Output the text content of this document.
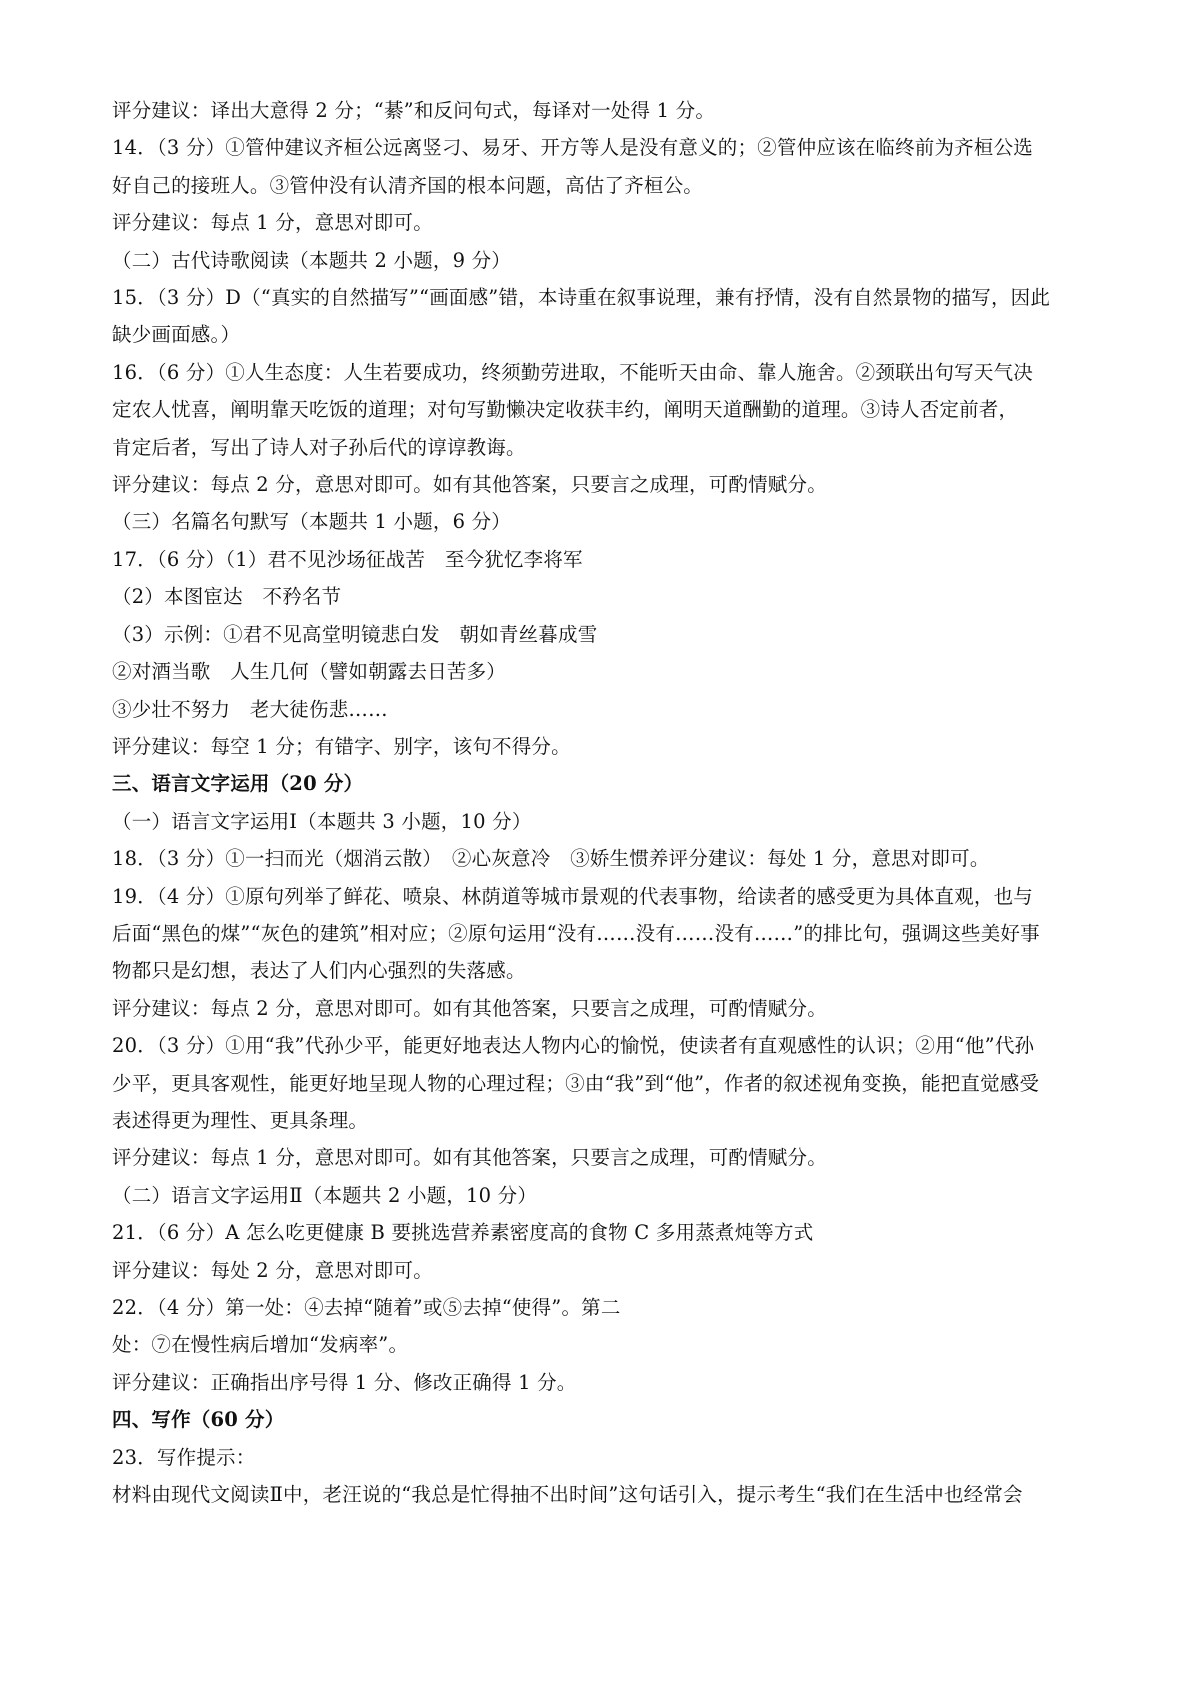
评分建议：译出大意得 2 分；“綦”和反问句式，每译对一处得 1 分。
14．（3 分）①管仲建议齐桓公远离竖刁、易牙、开方等人是没有意义的；②管仲应该在临终前为齐桓公选
好自己的接班人。③管仲没有认清齐国的根本问题，高估了齐桓公。
评分建议：每点 1 分，意思对即可。
（二）古代诗歌阅读（本题共 2 小题，9 分）
15．（3 分）D（“真实的自然描写”“画面感”错，本诗重在叙事说理，兼有抒情，没有自然景物的描写，因此
缺少画面感。）
16．（6 分）①人生态度：人生若要成功，终须勤劳进取，不能听天由命、靠人施舍。②颈联出句写天气决
定农人忧喜，阐明靠天吃饭的道理；对句写勤懒决定收获丰约，阐明天道酬勤的道理。③诗人否定前者，
肯定后者，写出了诗人对子孙后代的谆谆教诲。
评分建议：每点 2 分，意思对即可。如有其他答案，只要言之成理，可酌情赋分。
（三）名篇名句默写（本题共 1 小题，6 分）
17．（6 分）（1）君不见沙场征战苦　至今犹忆李将军
（2）本图宦达　不矜名节
（3）示例：①君不见高堂明镜悲白发　朝如青丝暮成雪
②对酒当歌　人生几何（譬如朝露去日苦多）
③少壮不努力　老大徒伤悲……
评分建议：每空 1 分；有错字、别字，该句不得分。
三、语言文字运用（20 分）
（一）语言文字运用Ⅰ（本题共 3 小题，10 分）
18．（3 分）①一扫而光（烟消云散）　②心灰意冷　③娇生惯养评分建议：每处 1 分，意思对即可。
19．（4 分）①原句列举了鲜花、喷泉、林荫道等城市景观的代表事物，给读者的感受更为具体直观，也与
后面“黑色的煤”“灰色的建筑”相对应；②原句运用“没有……没有……没有……”的排比句，强调这些美好事
物都只是幻想，表达了人们内心强烈的失落感。
评分建议：每点 2 分，意思对即可。如有其他答案，只要言之成理，可酌情赋分。
20．（3 分）①用“我”代孙少平，能更好地表达人物内心的愉悦，使读者有直观感性的认识；②用“他”代孙
少平，更具客观性，能更好地呈现人物的心理过程；③由“我”到“他”，作者的叙述视角变换，能把直觉感受
表述得更为理性、更具条理。
评分建议：每点 1 分，意思对即可。如有其他答案，只要言之成理，可酌情赋分。
（二）语言文字运用Ⅱ（本题共 2 小题，10 分）
21．（6 分）A 怎么吃更健康 B 要挑选营养素密度高的食物 C 多用蒸煮炖等方式
评分建议：每处 2 分，意思对即可。
22．（4 分）第一处：④去掉“随着”或⑤去掉“使得”。第二
处：⑦在慢性病后增加“发病率”。
评分建议：正确指出序号得 1 分、修改正确得 1 分。
四、写作（60 分）
23．写作提示：
材料由现代文阅读Ⅱ中，老汪说的“我总是忙得抽不出时间”这句话引入，提示考生“我们在生活中也经常会
